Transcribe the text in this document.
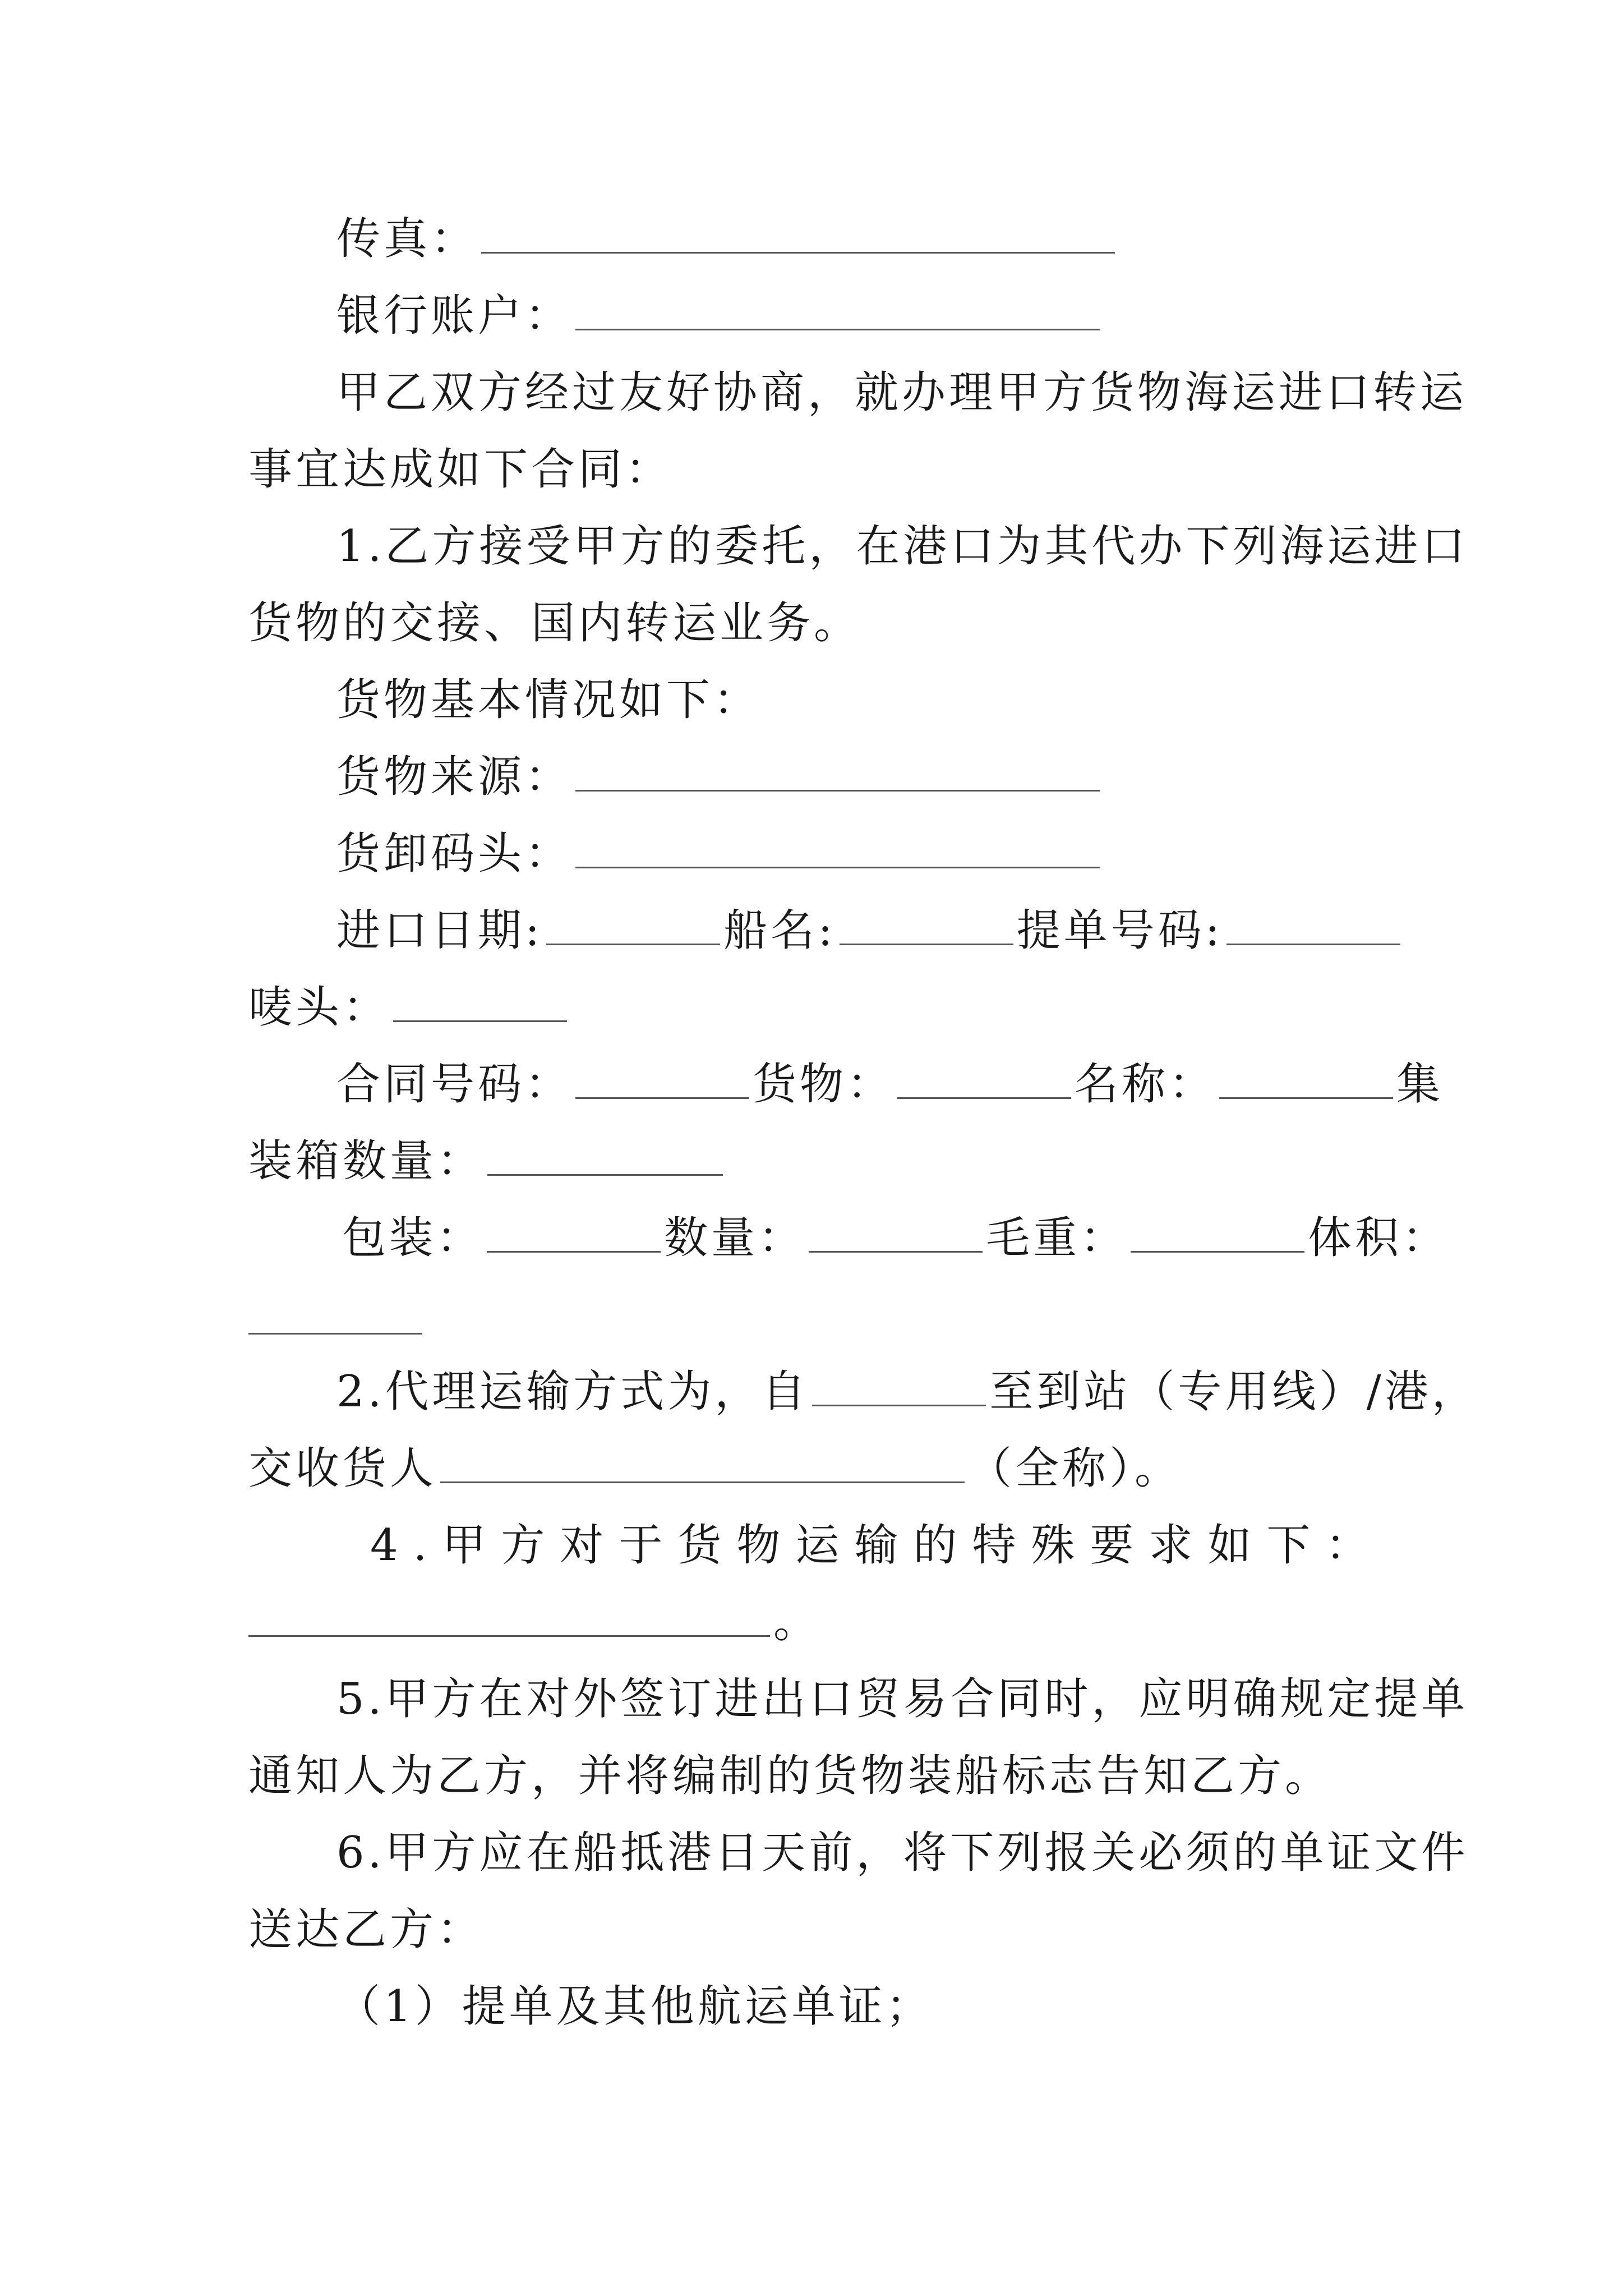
传真：
银行账户：
甲乙双方经过友好协商，就办理甲方货物海运进口转运
事宜达成如下合同：
1.乙方接受甲方的委托，在港口为其代办下列海运进口
货物的交接、国内转运业务。
货物基本情况如下：
货物来源：
货卸码头：
进口日期:	船名:	提单号码:
唛头：
合同号码：	货物：	名称：	集
装箱数量：
包装：	数量：	毛重：	体积：
2.代理运输方式为，自	至到站（专用线）/港，
交收货人	（全称）。
4.甲方对于货物运输的特殊要求如下：
。
5.甲方在对外签订进出口贸易合同时，应明确规定提单
通知人为乙方，并将编制的货物装船标志告知乙方。
6.甲方应在船抵港日天前，将下列报关必须的单证文件
送达乙方：
（1）提单及其他航运单证；
